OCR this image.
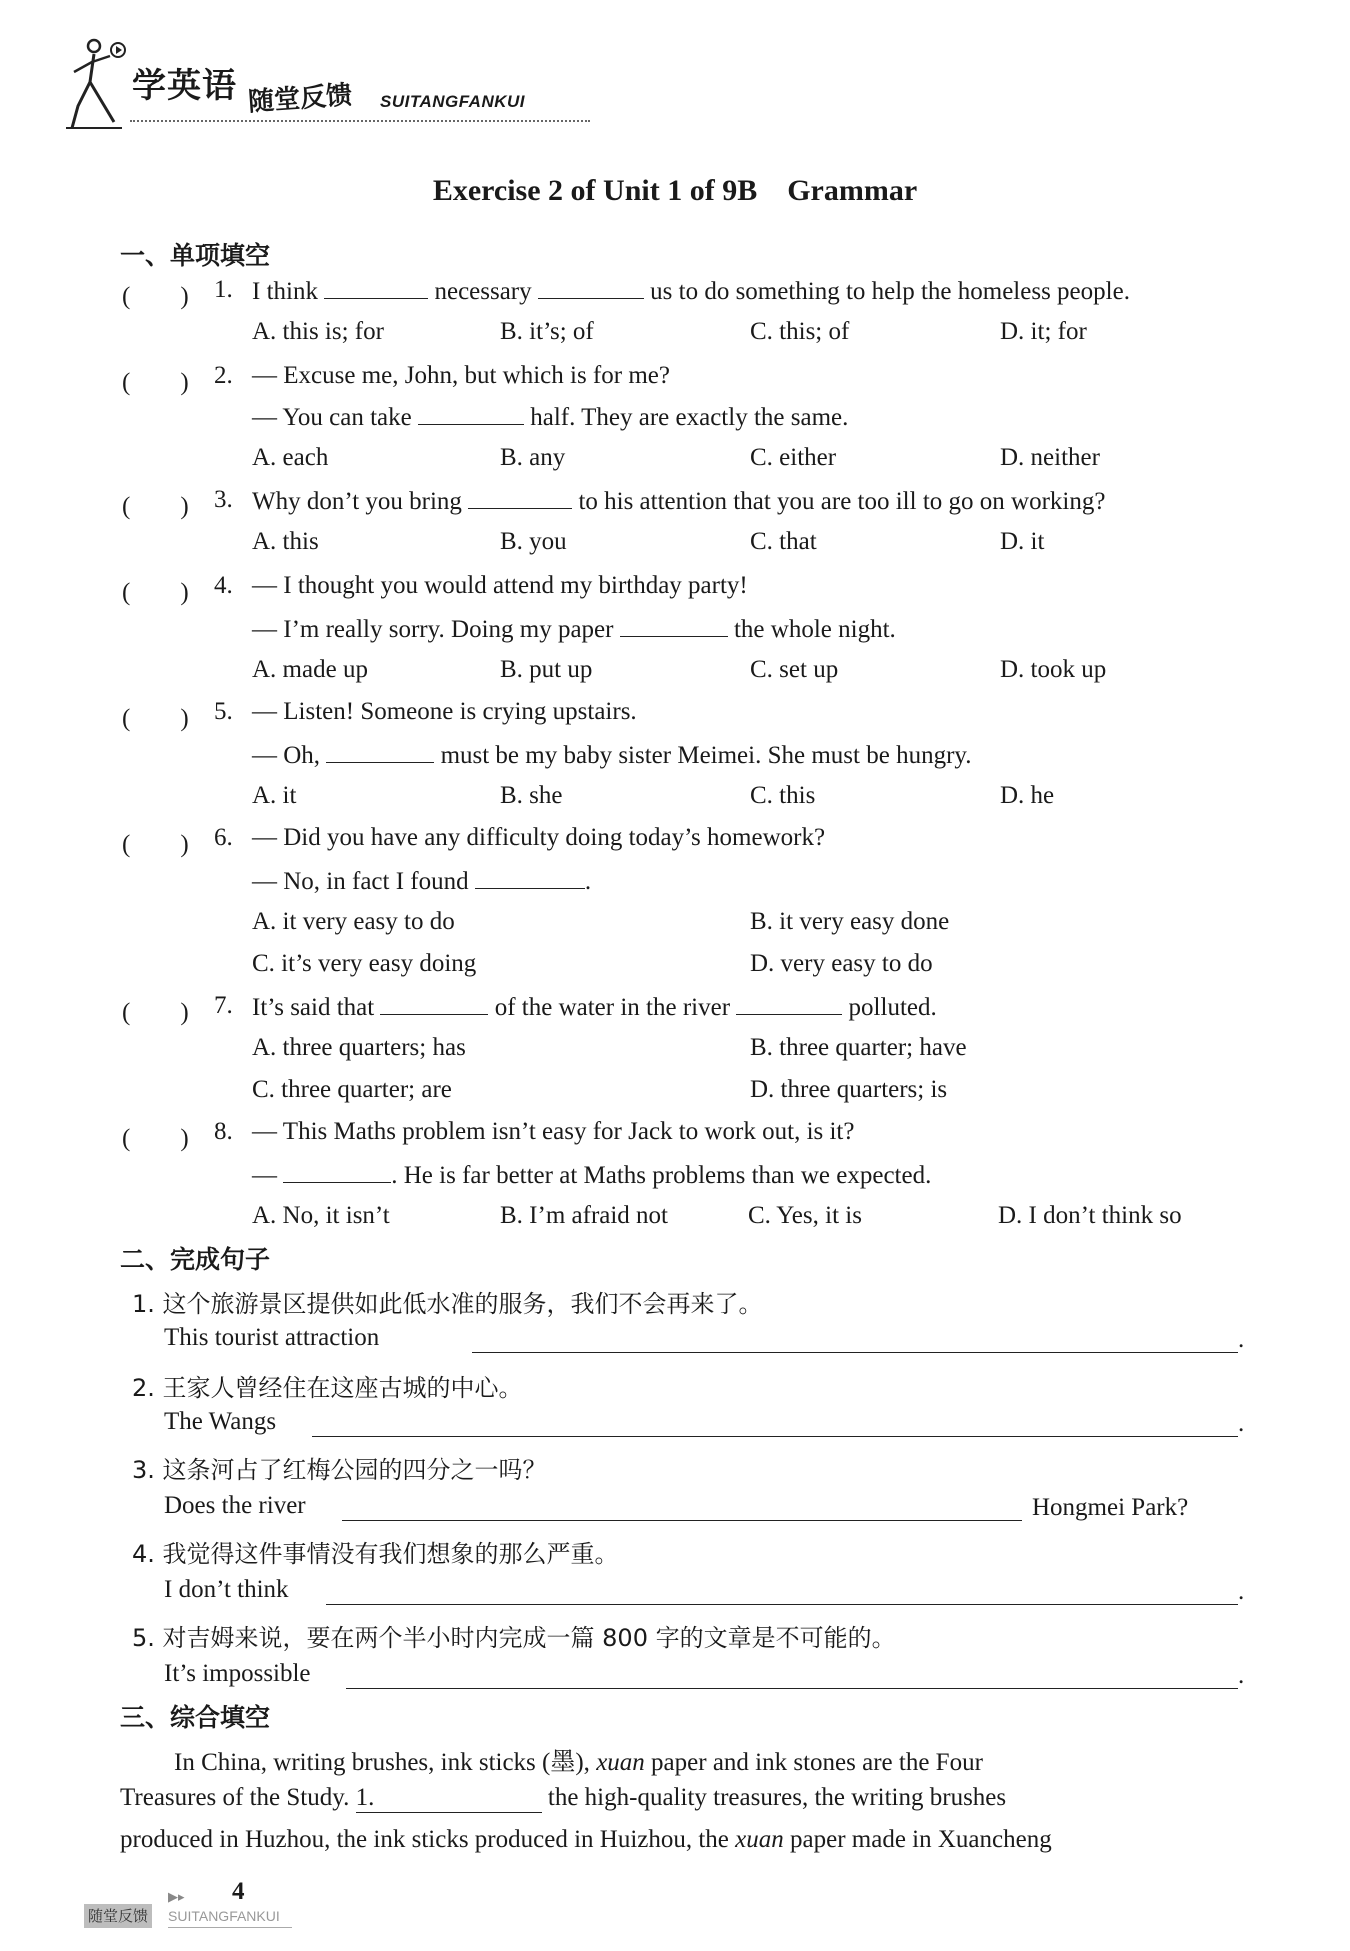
学英语 随堂反馈 SUITANGFANKUI
Exercise 2 of Unit 1 of 9B　Grammar
一、单项填空
(　　) 1. I think	necessary	us to do something to help the homeless people.
A. this is; for	B. it’s; of	C. this; of	D. it; for
(　　) 2. — Excuse me, John, but which is for me?
— You can take	half. They are exactly the same.
A. each	B. any	C. either	D. neither
(　　) 3. Why don’t you bring	to his attention that you are too ill to go on working?
A. this	B. you	C. that	D. it
(　　) 4. — I thought you would attend my birthday party!
— I’m really sorry. Doing my paper	the whole night.
A. made up	B. put up	C. set up	D. took up
(　　) 5. — Listen! Someone is crying upstairs.
— Oh,	must be my baby sister Meimei. She must be hungry.
A. it	B. she	C. this	D. he
(　　) 6. — Did you have any difficulty doing today’s homework?
— No, in fact I found	.
A. it very easy to do	B. it very easy done
C. it’s very easy doing	D. very easy to do
(　　) 7. It’s said that	of the water in the river	polluted.
A. three quarters; has	B. three quarter; have
C. three quarter; are	D. three quarters; is
(　　) 8. — This Maths problem isn’t easy for Jack to work out, is it?
—	. He is far better at Maths problems than we expected.
A. No, it isn’t	B. I’m afraid not	C. Yes, it is	D. I don’t think so
二、完成句子
1. 这个旅游景区提供如此低水准的服务，我们不会再来了。
This tourist attraction	.
2. 王家人曾经住在这座古城的中心。
The Wangs	.
3. 这条河占了红梅公园的四分之一吗？
Does the river	Hongmei Park?
4. 我觉得这件事情没有我们想象的那么严重。
I don’t think	.
5. 对吉姆来说，要在两个半小时内完成一篇 800 字的文章是不可能的。
It’s impossible	.
三、综合填空
In China, writing brushes, ink sticks (墨), xuan paper and ink stones are the Four
Treasures of the Study. 1.	the high-quality treasures, the writing brushes
produced in Huzhou, the ink sticks produced in Huizhou, the xuan paper made in Xuancheng
▶▸ 4
随堂反馈 SUITANGFANKUI
